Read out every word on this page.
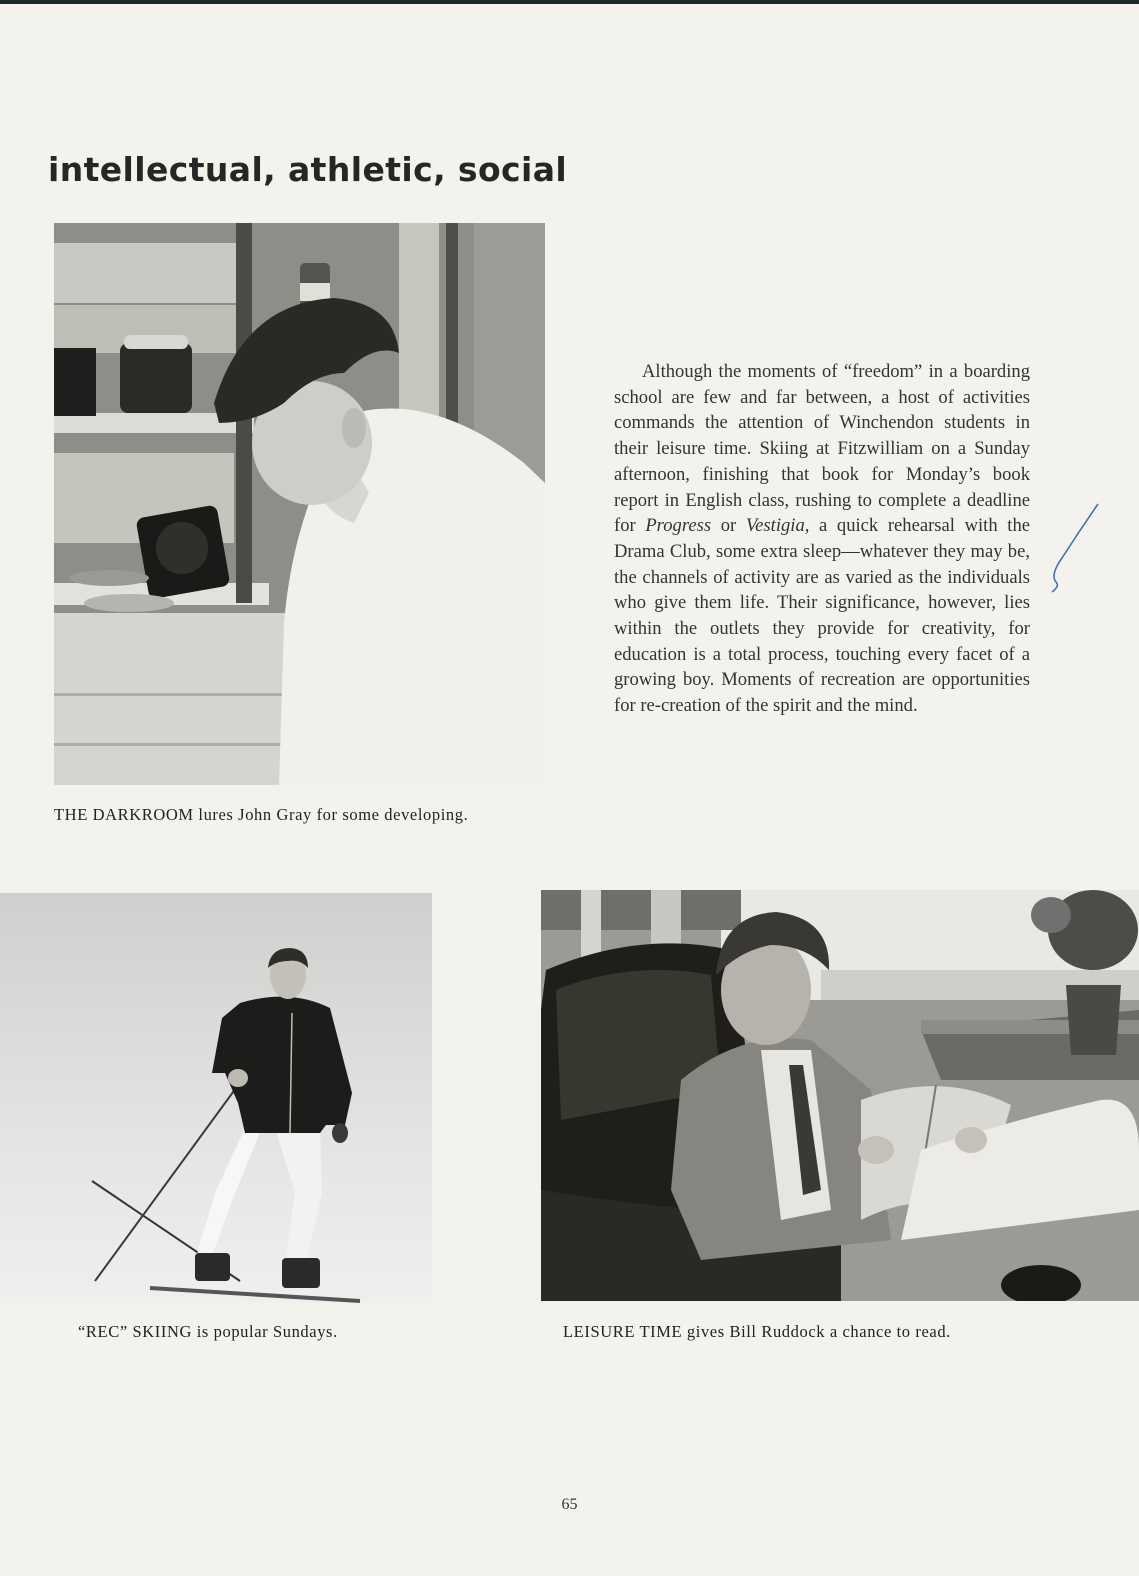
intellectual, athletic, social

THE DARKROOM lures John Gray for some developing.

Although the moments of “freedom” in a boarding school are few and far between, a host of activities commands the attention of Winchendon students in their leisure time. Skiing at Fitzwilliam on a Sunday afternoon, finishing that book for Monday’s book report in English class, rushing to complete a deadline for Progress or Vestigia, a quick rehearsal with the Drama Club, some extra sleep—whatever they may be, the channels of activity are as varied as the individuals who give them life. Their significance, however, lies within the outlets they provide for creativity, for education is a total process, touching every facet of a growing boy. Moments of recreation are opportunities for re-creation of the spirit and the mind.

“REC” SKIING is popular Sundays.	LEISURE TIME gives Bill Ruddock a chance to read.

65
